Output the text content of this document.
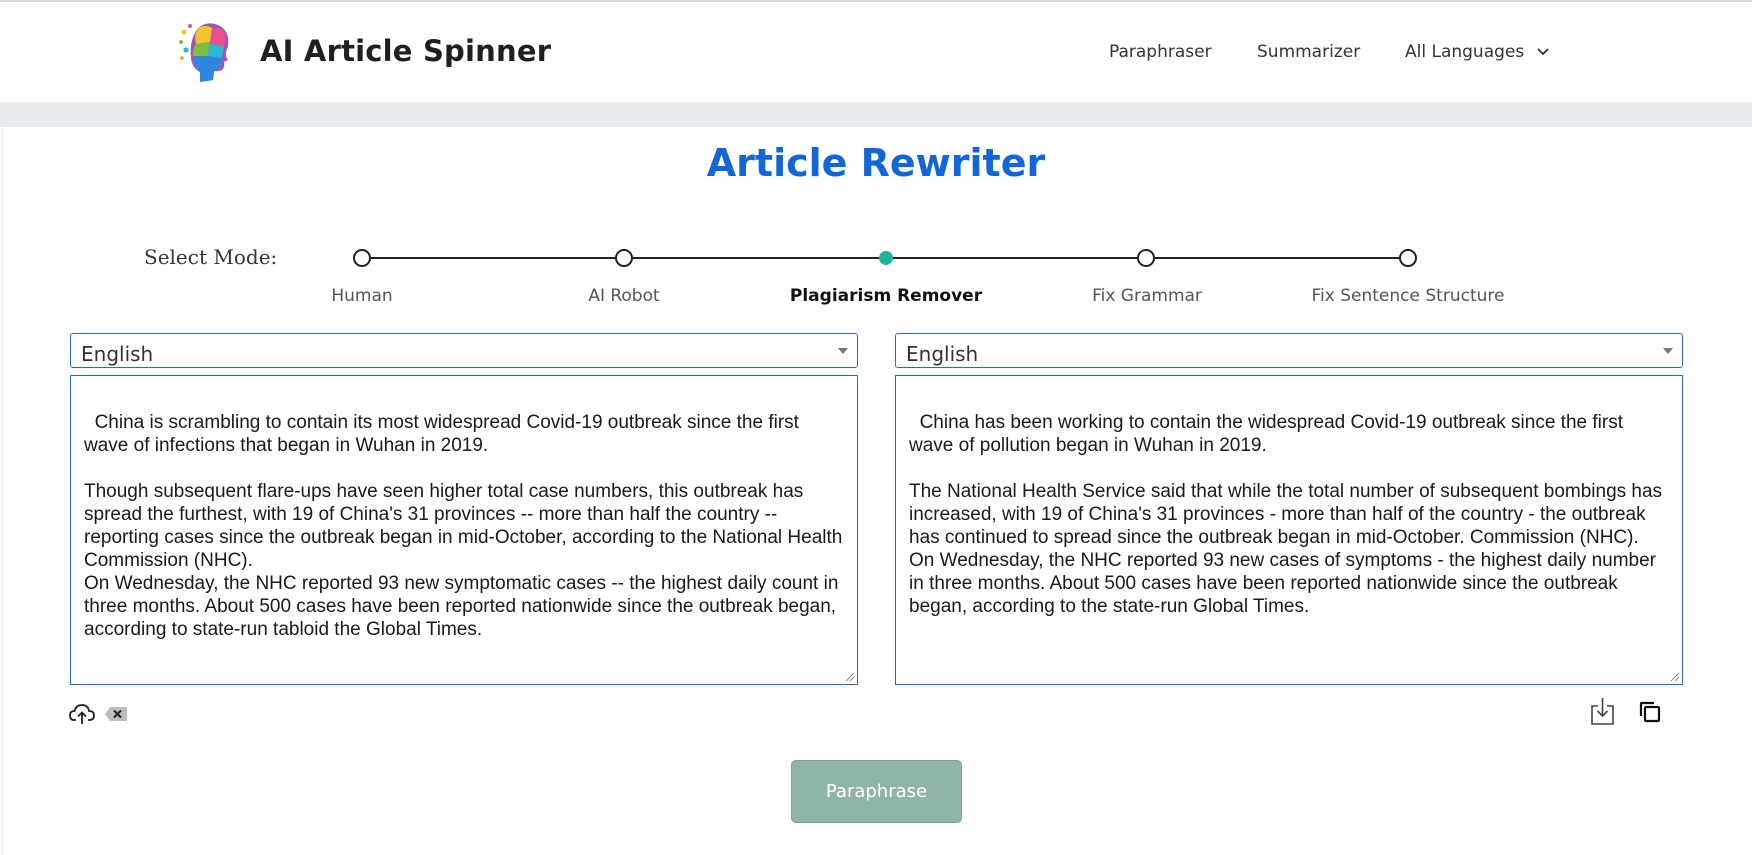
AI Article Spinner	Paraphraser	Summarizer	All Languages
Article Rewriter
Select Mode:
Human	AI Robot	Plagiarism Remover	Fix Grammar	Fix Sentence Structure
English	English

China is scrambling to contain its most widespread Covid-19 outbreak since the first wave of infections that began in Wuhan in 2019.

Though subsequent flare-ups have seen higher total case numbers, this outbreak has spread the furthest, with 19 of China's 31 provinces -- more than half the country -- reporting cases since the outbreak began in mid-October, according to the National Health Commission (NHC).
On Wednesday, the NHC reported 93 new symptomatic cases -- the highest daily count in three months. About 500 cases have been reported nationwide since the outbreak began, according to state-run tabloid the Global Times.

China has been working to contain the widespread Covid-19 outbreak since the first wave of pollution began in Wuhan in 2019.

The National Health Service said that while the total number of subsequent bombings has increased, with 19 of China's 31 provinces - more than half of the country - the outbreak has continued to spread since the outbreak began in mid-October. Commission (NHC).
On Wednesday, the NHC reported 93 new cases of symptoms - the highest daily number in three months. About 500 cases have been reported nationwide since the outbreak began, according to the state-run Global Times.

Paraphrase
